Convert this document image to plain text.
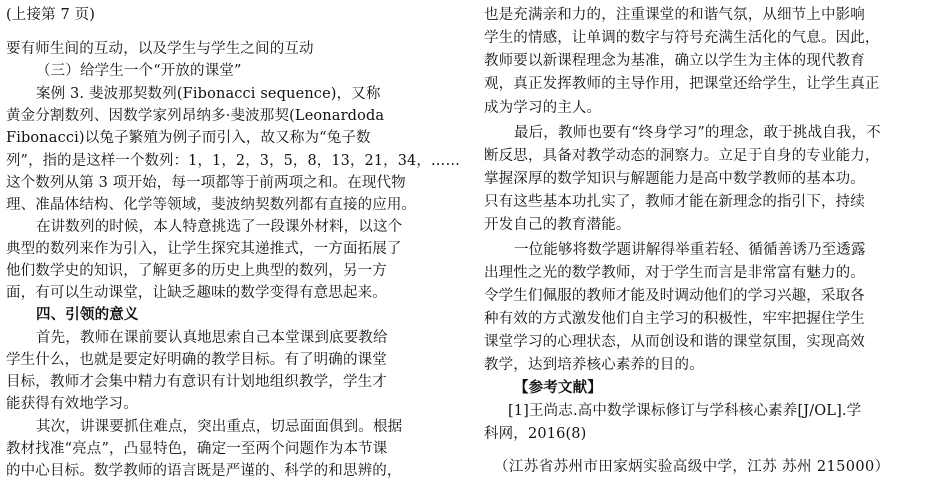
(上接第 7 页)
要有师生间的互动，以及学生与学生之间的互动
（三）给学生一个“开放的课堂”
案例 3. 斐波那契数列(Fibonacci sequence)，又称
黄金分割数列、因数学家列昂纳多·斐波那契(Leonardoda
Fibonacci)以兔子繁殖为例子而引入，故又称为“兔子数
列”，指的是这样一个数列：1，1，2，3，5，8，13，21，34，……
这个数列从第 3 项开始，每一项都等于前两项之和。在现代物
理、准晶体结构、化学等领域，斐波纳契数列都有直接的应用。
在讲数列的时候，本人特意挑选了一段课外材料，以这个
典型的数列来作为引入，让学生探究其递推式，一方面拓展了
他们数学史的知识，了解更多的历史上典型的数列，另一方
面，有可以生动课堂，让缺乏趣味的数学变得有意思起来。
四、引领的意义
首先，教师在课前要认真地思索自己本堂课到底要教给
学生什么，也就是要定好明确的教学目标。有了明确的课堂
目标，教师才会集中精力有意识有计划地组织教学，学生才
能获得有效地学习。
其次，讲课要抓住难点，突出重点，切忌面面俱到。根据
教材找准“亮点”，凸显特色，确定一至两个问题作为本节课
的中心目标。数学教师的语言既是严谨的、科学的和思辨的，
也是充满亲和力的，注重课堂的和谐气氛，从细节上中影响
学生的情感，让单调的数字与符号充满生活化的气息。因此，
教师要以新课程理念为基准，确立以学生为主体的现代教育
观，真正发挥教师的主导作用，把课堂还给学生，让学生真正
成为学习的主人。
最后，教师也要有“终身学习”的理念，敢于挑战自我，不
断反思，具备对教学动态的洞察力。立足于自身的专业能力，
掌握深厚的数学知识与解题能力是高中数学教师的基本功。
只有这些基本功扎实了，教师才能在新理念的指引下，持续
开发自己的教育潜能。
一位能够将数学题讲解得举重若轻、循循善诱乃至透露
出理性之光的数学教师，对于学生而言是非常富有魅力的。
令学生们佩服的教师才能及时调动他们的学习兴趣，采取各
种有效的方式激发他们自主学习的积极性，牢牢把握住学生
课堂学习的心理状态，从而创设和谐的课堂氛围，实现高效
教学，达到培养核心素养的目的。
【参考文献】
[1]王尚志.高中数学课标修订与学科核心素养[J/OL].学
科网，2016(8)
（江苏省苏州市田家炳实验高级中学，江苏 苏州 215000）
